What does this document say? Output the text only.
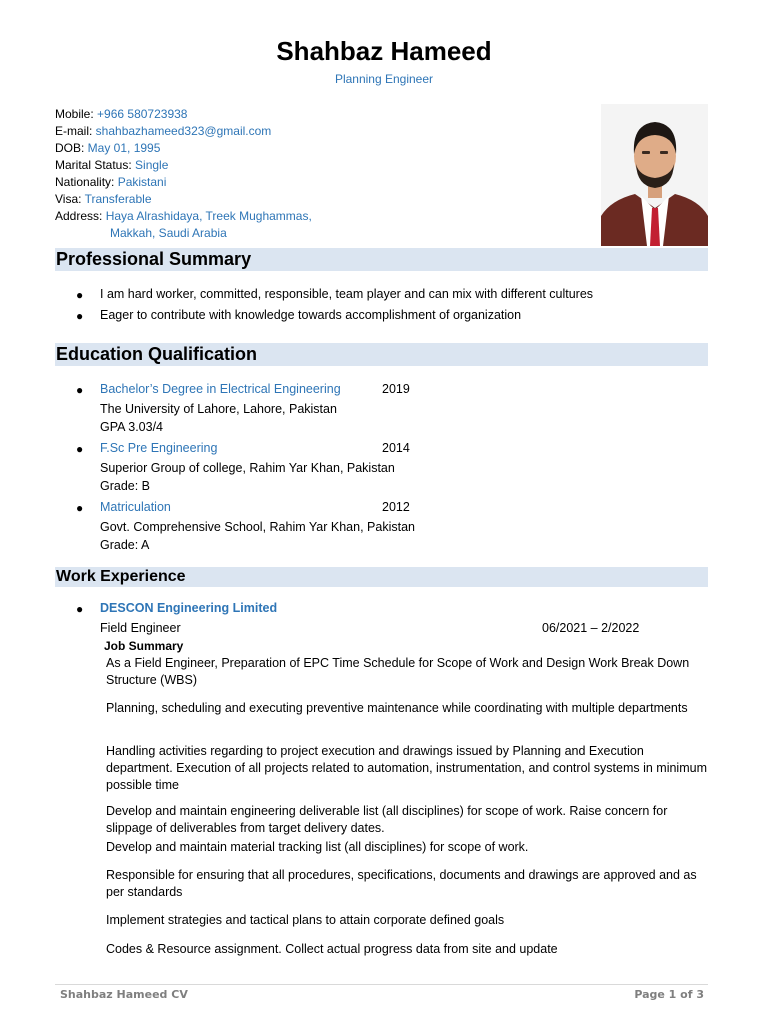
Shahbaz Hameed
Planning Engineer
Mobile: +966 580723938
E-mail: shahbazhameed323@gmail.com
DOB: May 01, 1995
Marital Status: Single
Nationality: Pakistani
Visa: Transferable
Address: Haya Alrashidaya, Treek Mughammas,
Makkah, Saudi Arabia
Professional Summary
● I am hard worker, committed, responsible, team player and can mix with different cultures
● Eager to contribute with knowledge towards accomplishment of organization
Education Qualification
● Bachelor’s Degree in Electrical Engineering	2019
The University of Lahore, Lahore, Pakistan
GPA 3.03/4
● F.Sc Pre Engineering	2014
Superior Group of college, Rahim Yar Khan, Pakistan
Grade: B
● Matriculation	2012
Govt. Comprehensive School, Rahim Yar Khan, Pakistan
Grade: A
Work Experience
● DESCON Engineering Limited
Field Engineer	06/2021 – 2/2022
Job Summary
As a Field Engineer, Preparation of EPC Time Schedule for Scope of Work and Design Work Break Down Structure (WBS)
Planning, scheduling and executing preventive maintenance while coordinating with multiple departments
Handling activities regarding to project execution and drawings issued by Planning and Execution department. Execution of all projects related to automation, instrumentation, and control systems in minimum possible time
Develop and maintain engineering deliverable list (all disciplines) for scope of work. Raise concern for slippage of deliverables from target delivery dates.
Develop and maintain material tracking list (all disciplines) for scope of work.
Responsible for ensuring that all procedures, specifications, documents and drawings are approved and as per standards
Implement strategies and tactical plans to attain corporate defined goals
Codes & Resource assignment. Collect actual progress data from site and update
Shahbaz Hameed CV	Page 1 of 3
